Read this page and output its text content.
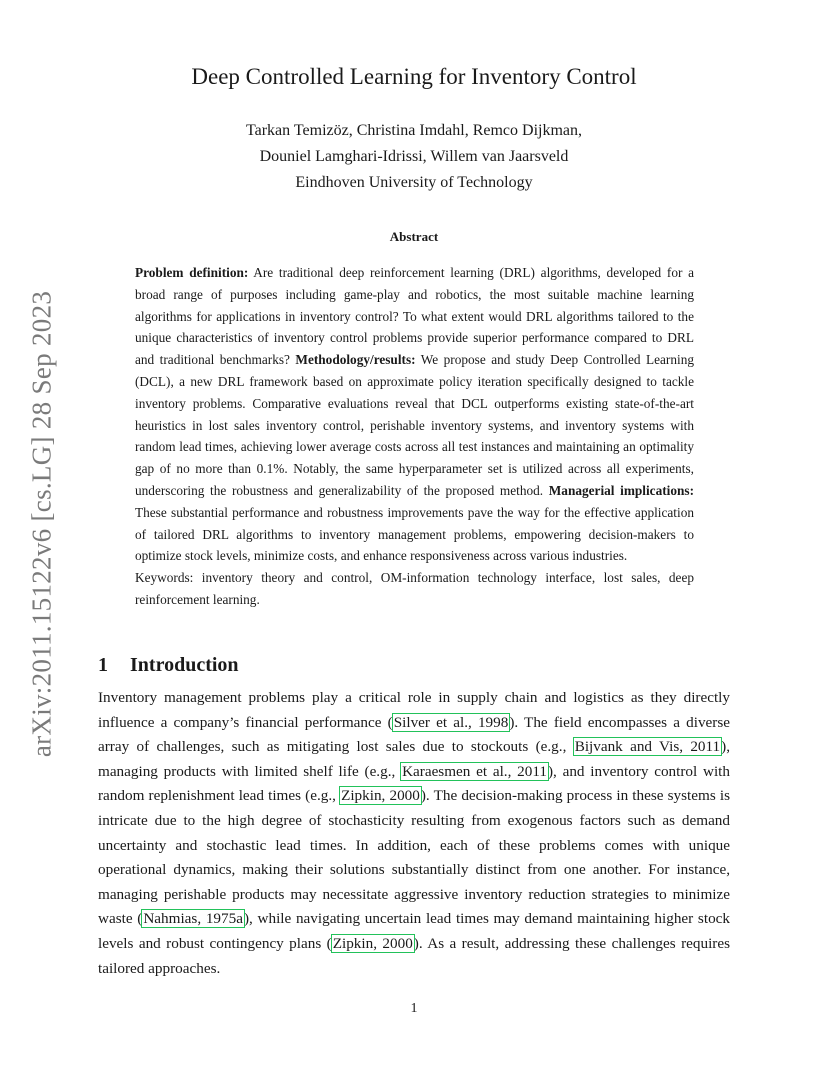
arXiv:2011.15122v6 [cs.LG] 28 Sep 2023
Deep Controlled Learning for Inventory Control
Tarkan Temizöz, Christina Imdahl, Remco Dijkman,
Douniel Lamghari-Idrissi, Willem van Jaarsveld
Eindhoven University of Technology
Abstract

Problem definition: Are traditional deep reinforcement learning (DRL) algorithms, developed for a broad range of purposes including game-play and robotics, the most suitable machine learning algorithms for applications in inventory control? To what extent would DRL algorithms tailored to the unique characteristics of inventory control problems provide superior performance compared to DRL and traditional benchmarks? Methodology/results: We propose and study Deep Controlled Learning (DCL), a new DRL framework based on approximate policy iteration specifically designed to tackle inventory problems. Comparative evaluations reveal that DCL outperforms existing state-of-the-art heuristics in lost sales inventory control, perishable inventory systems, and inventory systems with random lead times, achieving lower average costs across all test instances and maintaining an optimality gap of no more than 0.1%. Notably, the same hyperparameter set is utilized across all experiments, underscoring the robustness and generalizability of the proposed method. Managerial implications: These substantial performance and robustness improvements pave the way for the effective application of tailored DRL algorithms to inventory management problems, empowering decision-makers to optimize stock levels, minimize costs, and enhance responsiveness across various industries.

Keywords: inventory theory and control, OM-information technology interface, lost sales, deep reinforcement learning.

1 Introduction

Inventory management problems play a critical role in supply chain and logistics as they directly influence a company’s financial performance (Silver et al., 1998). The field encompasses a diverse array of challenges, such as mitigating lost sales due to stockouts (e.g., Bijvank and Vis, 2011), managing products with limited shelf life (e.g., Karaesmen et al., 2011), and inventory control with random replenishment lead times (e.g., Zipkin, 2000). The decision-making process in these systems is intricate due to the high degree of stochasticity resulting from exogenous factors such as demand uncertainty and stochastic lead times. In addition, each of these problems comes with unique operational dynamics, making their solutions substantially distinct from one another. For instance, managing perishable products may necessitate aggressive inventory reduction strategies to minimize waste (Nahmias, 1975a), while navigating uncertain lead times may demand maintaining higher stock levels and robust contingency plans (Zipkin, 2000). As a result, addressing these challenges requires tailored approaches.

1
